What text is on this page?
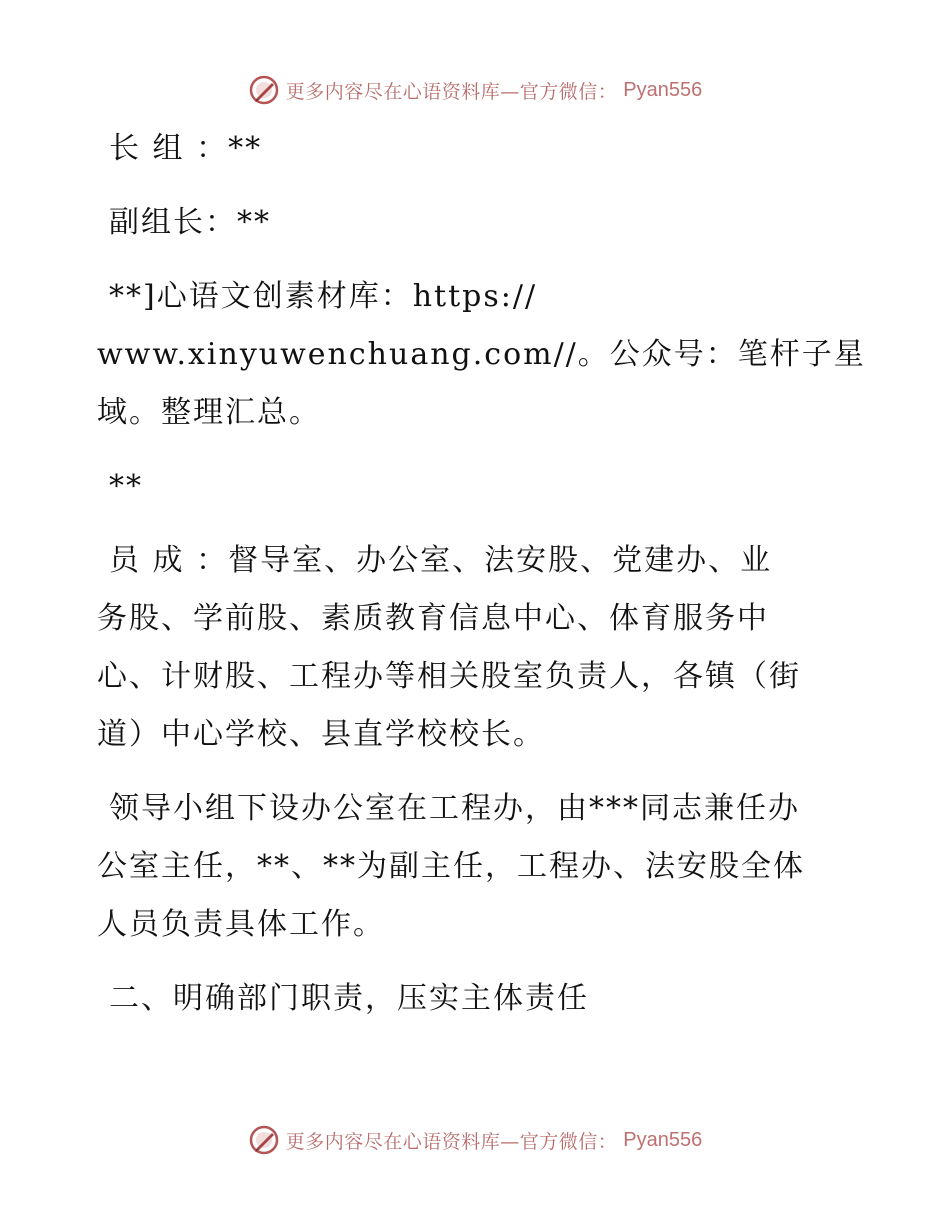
更多内容尽在心语资料库—官方微信： Pyan556
长 组 ：**
副组长：**
**]心语文创素材库：https://
www.xinyuwenchuang.com//。公众号：笔杆子星
域。整理汇总。
**
员 成 ：督导室、办公室、法安股、党建办、业
务股、学前股、素质教育信息中心、体育服务中
心、计财股、工程办等相关股室负责人，各镇（街
道）中心学校、县直学校校长。
领导小组下设办公室在工程办，由***同志兼任办
公室主任，**、**为副主任，工程办、法安股全体
人员负责具体工作。
二、明确部门职责，压实主体责任
更多内容尽在心语资料库—官方微信： Pyan556
